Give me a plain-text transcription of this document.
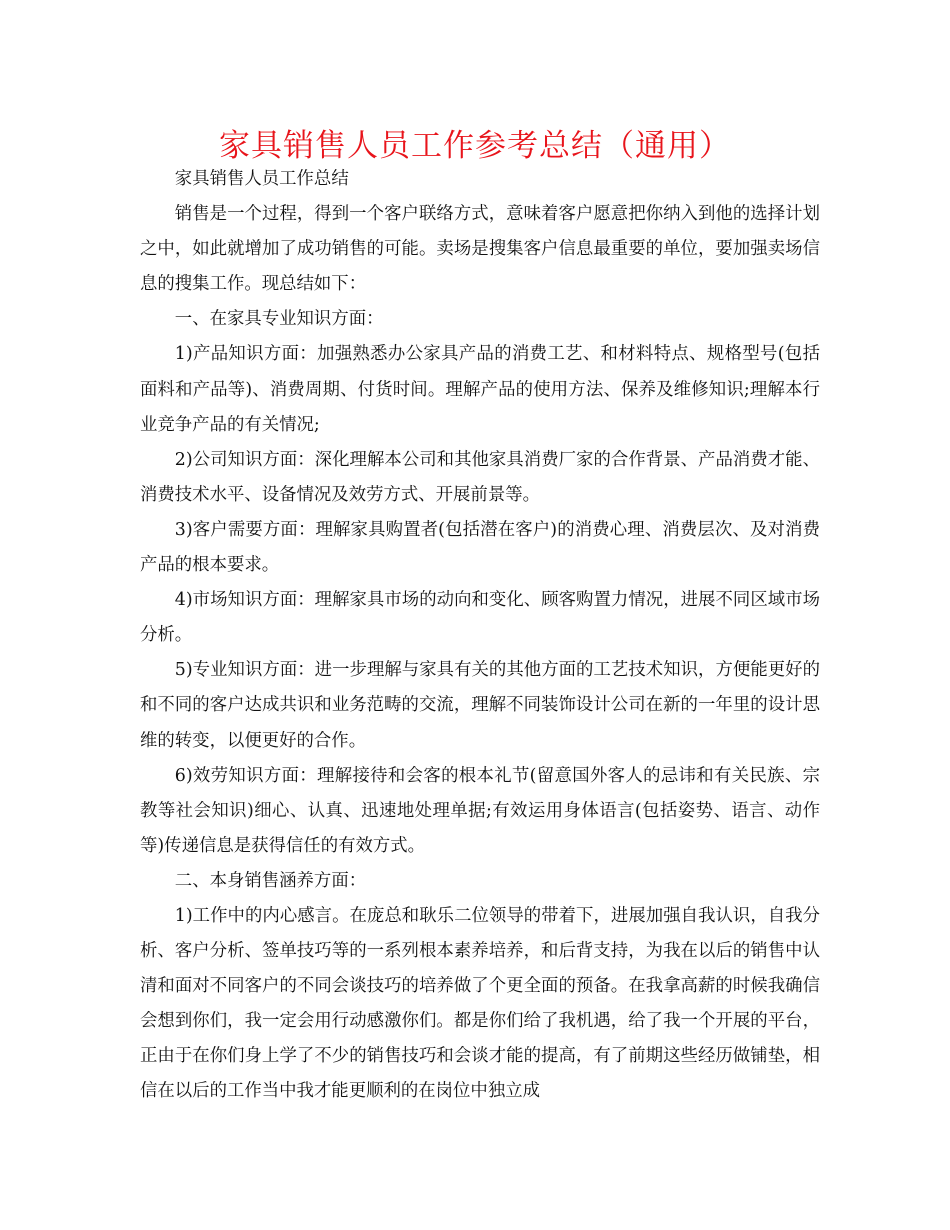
家具销售人员工作参考总结（通用）

家具销售人员工作总结

销售是一个过程，得到一个客户联络方式，意味着客户愿意把你纳入到他的选择计划之中，如此就增加了成功销售的可能。卖场是搜集客户信息最重要的单位，要加强卖场信息的搜集工作。现总结如下：

一、在家具专业知识方面：

1)产品知识方面：加强熟悉办公家具产品的消费工艺、和材料特点、规格型号(包括面料和产品等)、消费周期、付货时间。理解产品的使用方法、保养及维修知识;理解本行业竞争产品的有关情况;

2)公司知识方面：深化理解本公司和其他家具消费厂家的合作背景、产品消费才能、消费技术水平、设备情况及效劳方式、开展前景等。

3)客户需要方面：理解家具购置者(包括潜在客户)的消费心理、消费层次、及对消费产品的根本要求。

4)市场知识方面：理解家具市场的动向和变化、顾客购置力情况，进展不同区域市场分析。

5)专业知识方面：进一步理解与家具有关的其他方面的工艺技术知识，方便能更好的和不同的客户达成共识和业务范畴的交流，理解不同装饰设计公司在新的一年里的设计思维的转变，以便更好的合作。

6)效劳知识方面：理解接待和会客的根本礼节(留意国外客人的忌讳和有关民族、宗教等社会知识)细心、认真、迅速地处理单据;有效运用身体语言(包括姿势、语言、动作等)传递信息是获得信任的有效方式。

二、本身销售涵养方面：

1)工作中的内心感言。在庞总和耿乐二位领导的带着下，进展加强自我认识，自我分析、客户分析、签单技巧等的一系列根本素养培养，和后背支持，为我在以后的销售中认清和面对不同客户的不同会谈技巧的培养做了个更全面的预备。在我拿高薪的时候我确信会想到你们，我一定会用行动感激你们。都是你们给了我机遇，给了我一个开展的平台，正由于在你们身上学了不少的销售技巧和会谈才能的提高，有了前期这些经历做铺垫，相信在以后的工作当中我才能更顺利的在岗位中独立成
